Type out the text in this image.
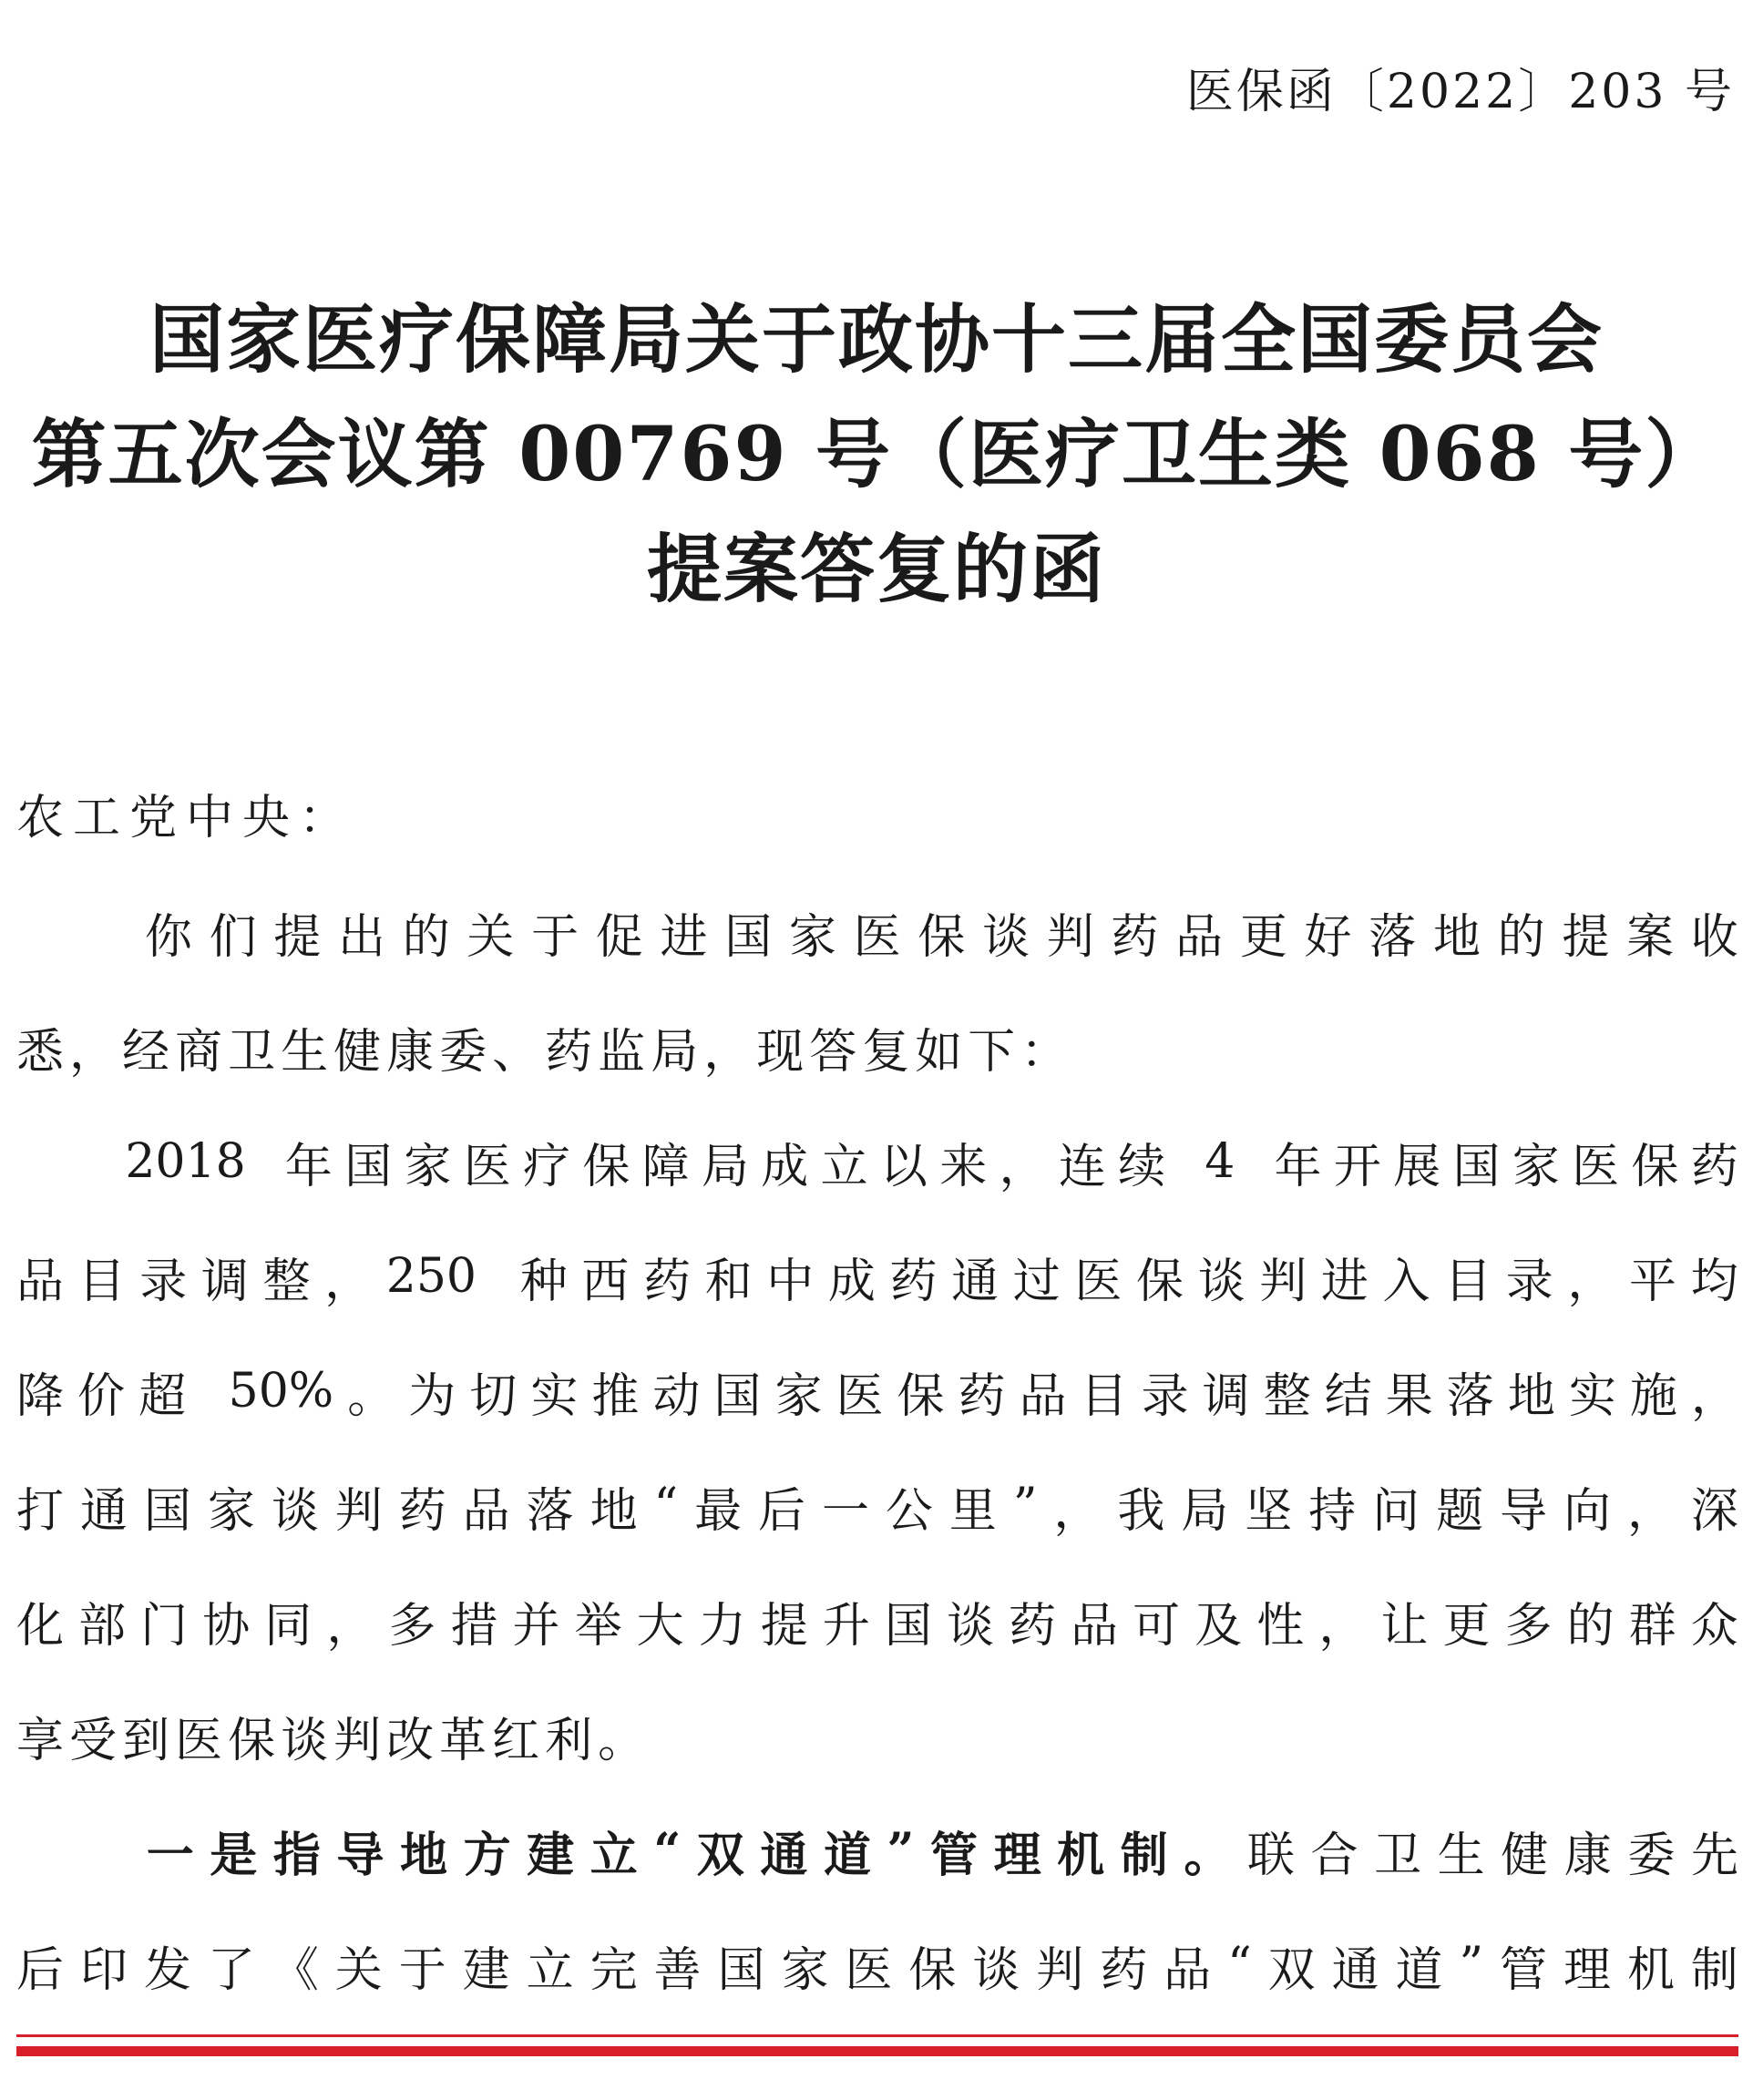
医保函〔2022〕203 号
国家医疗保障局关于政协十三届全国委员会
第五次会议第 00769 号（医疗卫生类 068 号）
提案答复的函
农工党中央：

你 们 提 出 的 关 于 促 进 国 家 医 保 谈 判 药 品 更 好 落 地 的 提 案 收
悉 ， 经 商 卫 生 健 康 委 、 药 监 局 ， 现 答 复 如 下 ：

2018
年 国 家 医 疗 保 障 局 成 立 以 来 ， 连 续
4
年 开 展 国 家 医 保 药
品 目 录 调 整 ， 250
种 西 药 和 中 成 药 通 过 医 保 谈 判 进 入 目 录 ， 平 均
降 价 超
50% 。 为 切 实 推 动 国 家 医 保 药 品 目 录 调 整 结 果 落 地 实 施 ，
打 通 国 家 谈 判 药 品 落 地 “ 最 后 一 公 里 ” ， 我 局 坚 持 问 题 导 向 ， 深
化 部 门 协 同 ， 多 措 并 举 大 力 提 升 国 谈 药 品 可 及 性 ， 让 更 多 的 群 众
享 受 到 医 保 谈 判 改 革 红 利 。

一 是 指 导 地 方 建 立 “ 双 通 道 ” 管 理 机 制 。 联 合 卫 生 健 康 委 先
后 印 发 了 《 关 于 建 立 完 善 国 家 医 保 谈 判 药 品 “ 双 通 道 ” 管 理 机 制
